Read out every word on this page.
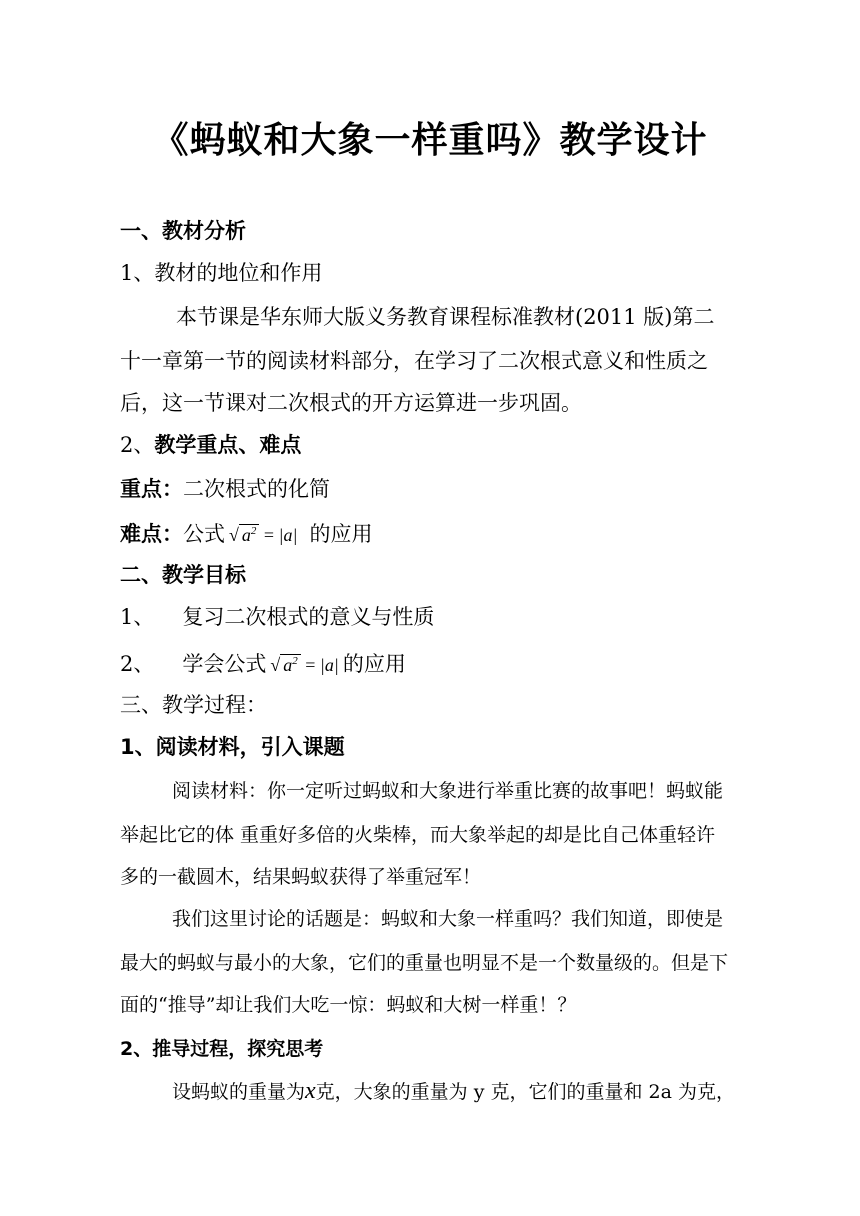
《蚂蚁和大象一样重吗》教学设计
一、教材分析
1、教材的地位和作用
本节课是华东师大版义务教育课程标准教材(2011 版)第二
十一章第一节的阅读材料部分，在学习了二次根式意义和性质之
后，这一节课对二次根式的开方运算进一步巩固。
2、教学重点、难点
重点：二次根式的化简
难点：公式 √ $a^2 = |a|$ 的应用
二、教学目标
1、 复习二次根式的意义与性质
2、 学会公式 √ $a^2 = |a|$ 的应用
三、教学过程：
1、阅读材料，引入课题
阅读材料：你一定听过蚂蚁和大象进行举重比赛的故事吧！蚂蚁能
举起比它的体 重重好多倍的火柴棒，而大象举起的却是比自己体重轻许
多的一截圆木，结果蚂蚁获得了举重冠军！
我们这里讨论的话题是：蚂蚁和大象一样重吗？我们知道，即使是
最大的蚂蚁与最小的大象，它们的重量也明显不是一个数量级的。但是下
面的“推导”却让我们大吃一惊：蚂蚁和大树一样重！？
2、推导过程，探究思考
设蚂蚁的重量为x克，大象的重量为 y 克，它们的重量和 2a 为克，
